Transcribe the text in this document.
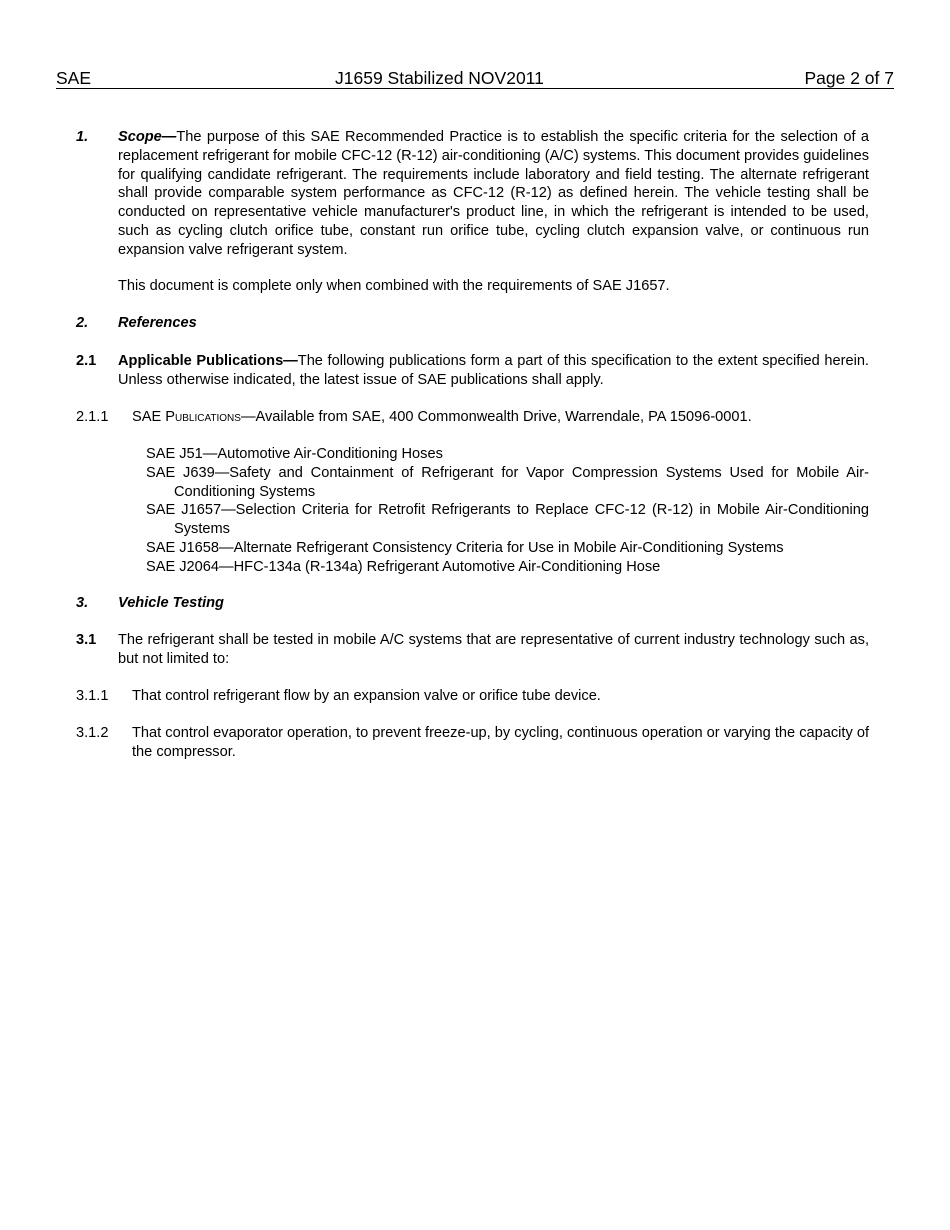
SAE	J1659 Stabilized NOV2011	Page 2 of 7
1. Scope—The purpose of this SAE Recommended Practice is to establish the specific criteria for the selection of a replacement refrigerant for mobile CFC-12 (R-12) air-conditioning (A/C) systems. This document provides guidelines for qualifying candidate refrigerant. The requirements include laboratory and field testing. The alternate refrigerant shall provide comparable system performance as CFC-12 (R-12) as defined herein. The vehicle testing shall be conducted on representative vehicle manufacturer's product line, in which the refrigerant is intended to be used, such as cycling clutch orifice tube, constant run orifice tube, cycling clutch expansion valve, or continuous run expansion valve refrigerant system.
This document is complete only when combined with the requirements of SAE J1657.
2. References
2.1 Applicable Publications—The following publications form a part of this specification to the extent specified herein. Unless otherwise indicated, the latest issue of SAE publications shall apply.
2.1.1 SAE Publications—Available from SAE, 400 Commonwealth Drive, Warrendale, PA 15096-0001.
SAE J51—Automotive Air-Conditioning Hoses
SAE J639—Safety and Containment of Refrigerant for Vapor Compression Systems Used for Mobile Air-Conditioning Systems
SAE J1657—Selection Criteria for Retrofit Refrigerants to Replace CFC-12 (R-12) in Mobile Air-Conditioning Systems
SAE J1658—Alternate Refrigerant Consistency Criteria for Use in Mobile Air-Conditioning Systems
SAE J2064—HFC-134a (R-134a) Refrigerant Automotive Air-Conditioning Hose
3. Vehicle Testing
3.1 The refrigerant shall be tested in mobile A/C systems that are representative of current industry technology such as, but not limited to:
3.1.1 That control refrigerant flow by an expansion valve or orifice tube device.
3.1.2 That control evaporator operation, to prevent freeze-up, by cycling, continuous operation or varying the capacity of the compressor.
